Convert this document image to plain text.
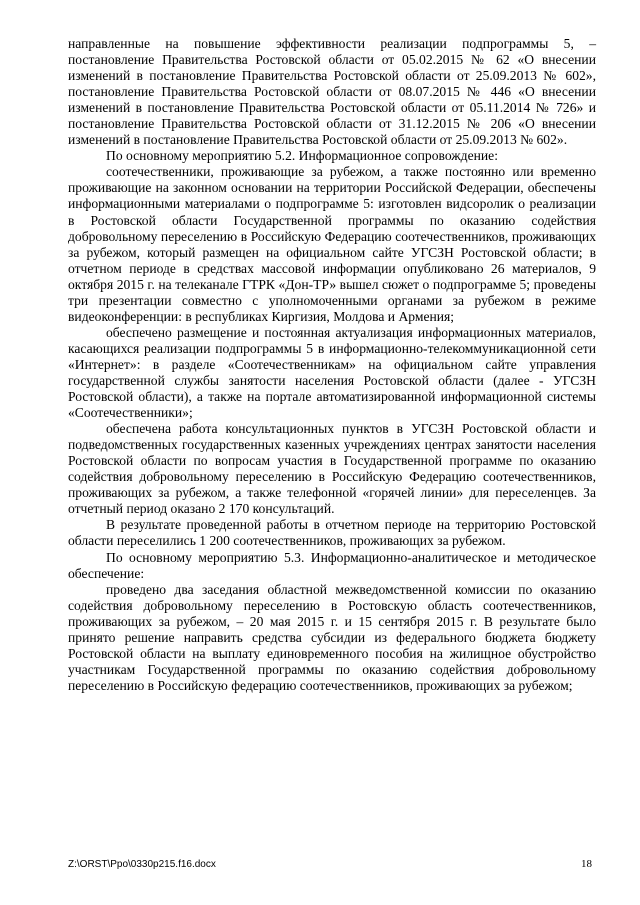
направленные на повышение эффективности реализации подпрограммы 5, – постановление Правительства Ростовской области от 05.02.2015 № 62 «О внесении изменений в постановление Правительства Ростовской области от 25.09.2013 № 602», постановление Правительства Ростовской области от 08.07.2015 № 446 «О внесении изменений в постановление Правительства Ростовской области от 05.11.2014 № 726» и постановление Правительства Ростовской области от 31.12.2015 № 206 «О внесении изменений в постановление Правительства Ростовской области от 25.09.2013 № 602».

По основному мероприятию 5.2. Информационное сопровождение:

соотечественники, проживающие за рубежом, а также постоянно или временно проживающие на законном основании на территории Российской Федерации, обеспечены информационными материалами о подпрограмме 5: изготовлен видсоролик о реализации в Ростовской области Государственной программы по оказанию содействия добровольному переселению в Российскую Федерацию соотечественников, проживающих за рубежом, который размещен на официальном сайте УГСЗН Ростовской области; в отчетном периоде в средствах массовой информации опубликовано 26 материалов, 9 октября 2015 г. на телеканале ГТРК «Дон-ТР» вышел сюжет о подпрограмме 5; проведены три презентации совместно с уполномоченными органами за рубежом в режиме видеоконференции: в республиках Киргизия, Молдова и Армения;

обеспечено размещение и постоянная актуализация информационных материалов, касающихся реализации подпрограммы 5 в информационно-телекоммуникационной сети «Интернет»: в разделе «Соотечественникам» на официальном сайте управления государственной службы занятости населения Ростовской области (далее - УГСЗН Ростовской области), а также на портале автоматизированной информационной системы «Соотечественники»;

обеспечена работа консультационных пунктов в УГСЗН Ростовской области и подведомственных государственных казенных учреждениях центрах занятости населения Ростовской области по вопросам участия в Государственной программе по оказанию содействия добровольному переселению в Российскую Федерацию соотечественников, проживающих за рубежом, а также телефонной «горячей линии» для переселенцев. За отчетный период оказано 2 170 консультаций.

В результате проведенной работы в отчетном периоде на территорию Ростовской области переселились 1 200 соотечественников, проживающих за рубежом.

По основному мероприятию 5.3. Информационно-аналитическое и методическое обеспечение:

проведено два заседания областной межведомственной комиссии по оказанию содействия добровольному переселению в Ростовскую область соотечественников, проживающих за рубежом, – 20 мая 2015 г. и 15 сентября 2015 г. В результате было принято решение направить средства субсидии из федерального бюджета бюджету Ростовской области на выплату единовременного пособия на жилищное обустройство участникам Государственной программы по оказанию содействия добровольному переселению в Российскую федерацию соотечественников, проживающих за рубежом;

Z:\ORST\Ppo\0330p215.f16.docx	18
